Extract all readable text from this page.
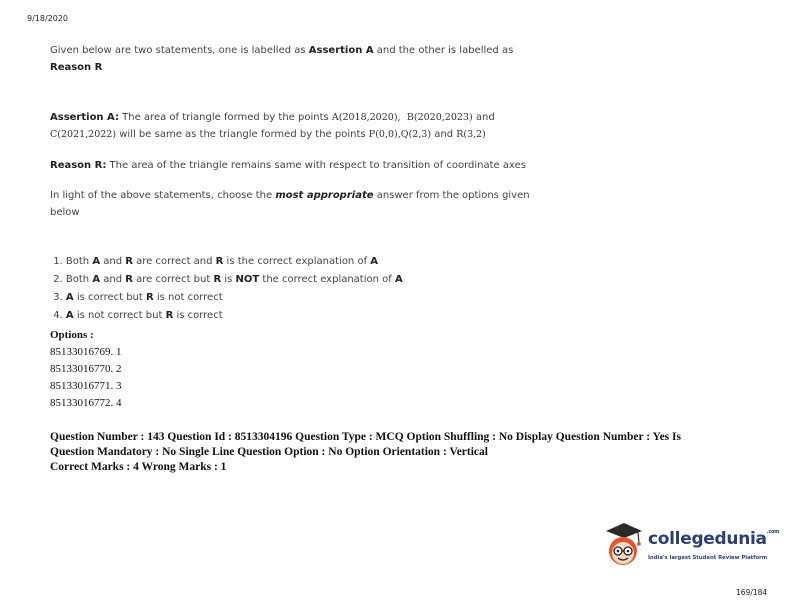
9/18/2020
Given below are two statements, one is labelled as Assertion A and the other is labelled as
Reason R
Assertion A: The area of triangle formed by the points A(2018,2020), B(2020,2023) and
C(2021,2022) will be same as the triangle formed by the points P(0,0),Q(2,3) and R(3,2)
Reason R: The area of the triangle remains same with respect to transition of coordinate axes
In light of the above statements, choose the most appropriate answer from the options given below
1. Both A and R are correct and R is the correct explanation of A
2. Both A and R are correct but R is NOT the correct explanation of A
3. A is correct but R is not correct
4. A is not correct but R is correct
Options :
85133016769. 1
85133016770. 2
85133016771. 3
85133016772. 4
Question Number : 143 Question Id : 8513304196 Question Type : MCQ Option Shuffling : No Display Question Number : Yes Is
Question Mandatory : No Single Line Question Option : No Option Orientation : Vertical
Correct Marks : 4 Wrong Marks : 1
collegedunia$^{.com}$
India's largest Student Review Platform
169/184
